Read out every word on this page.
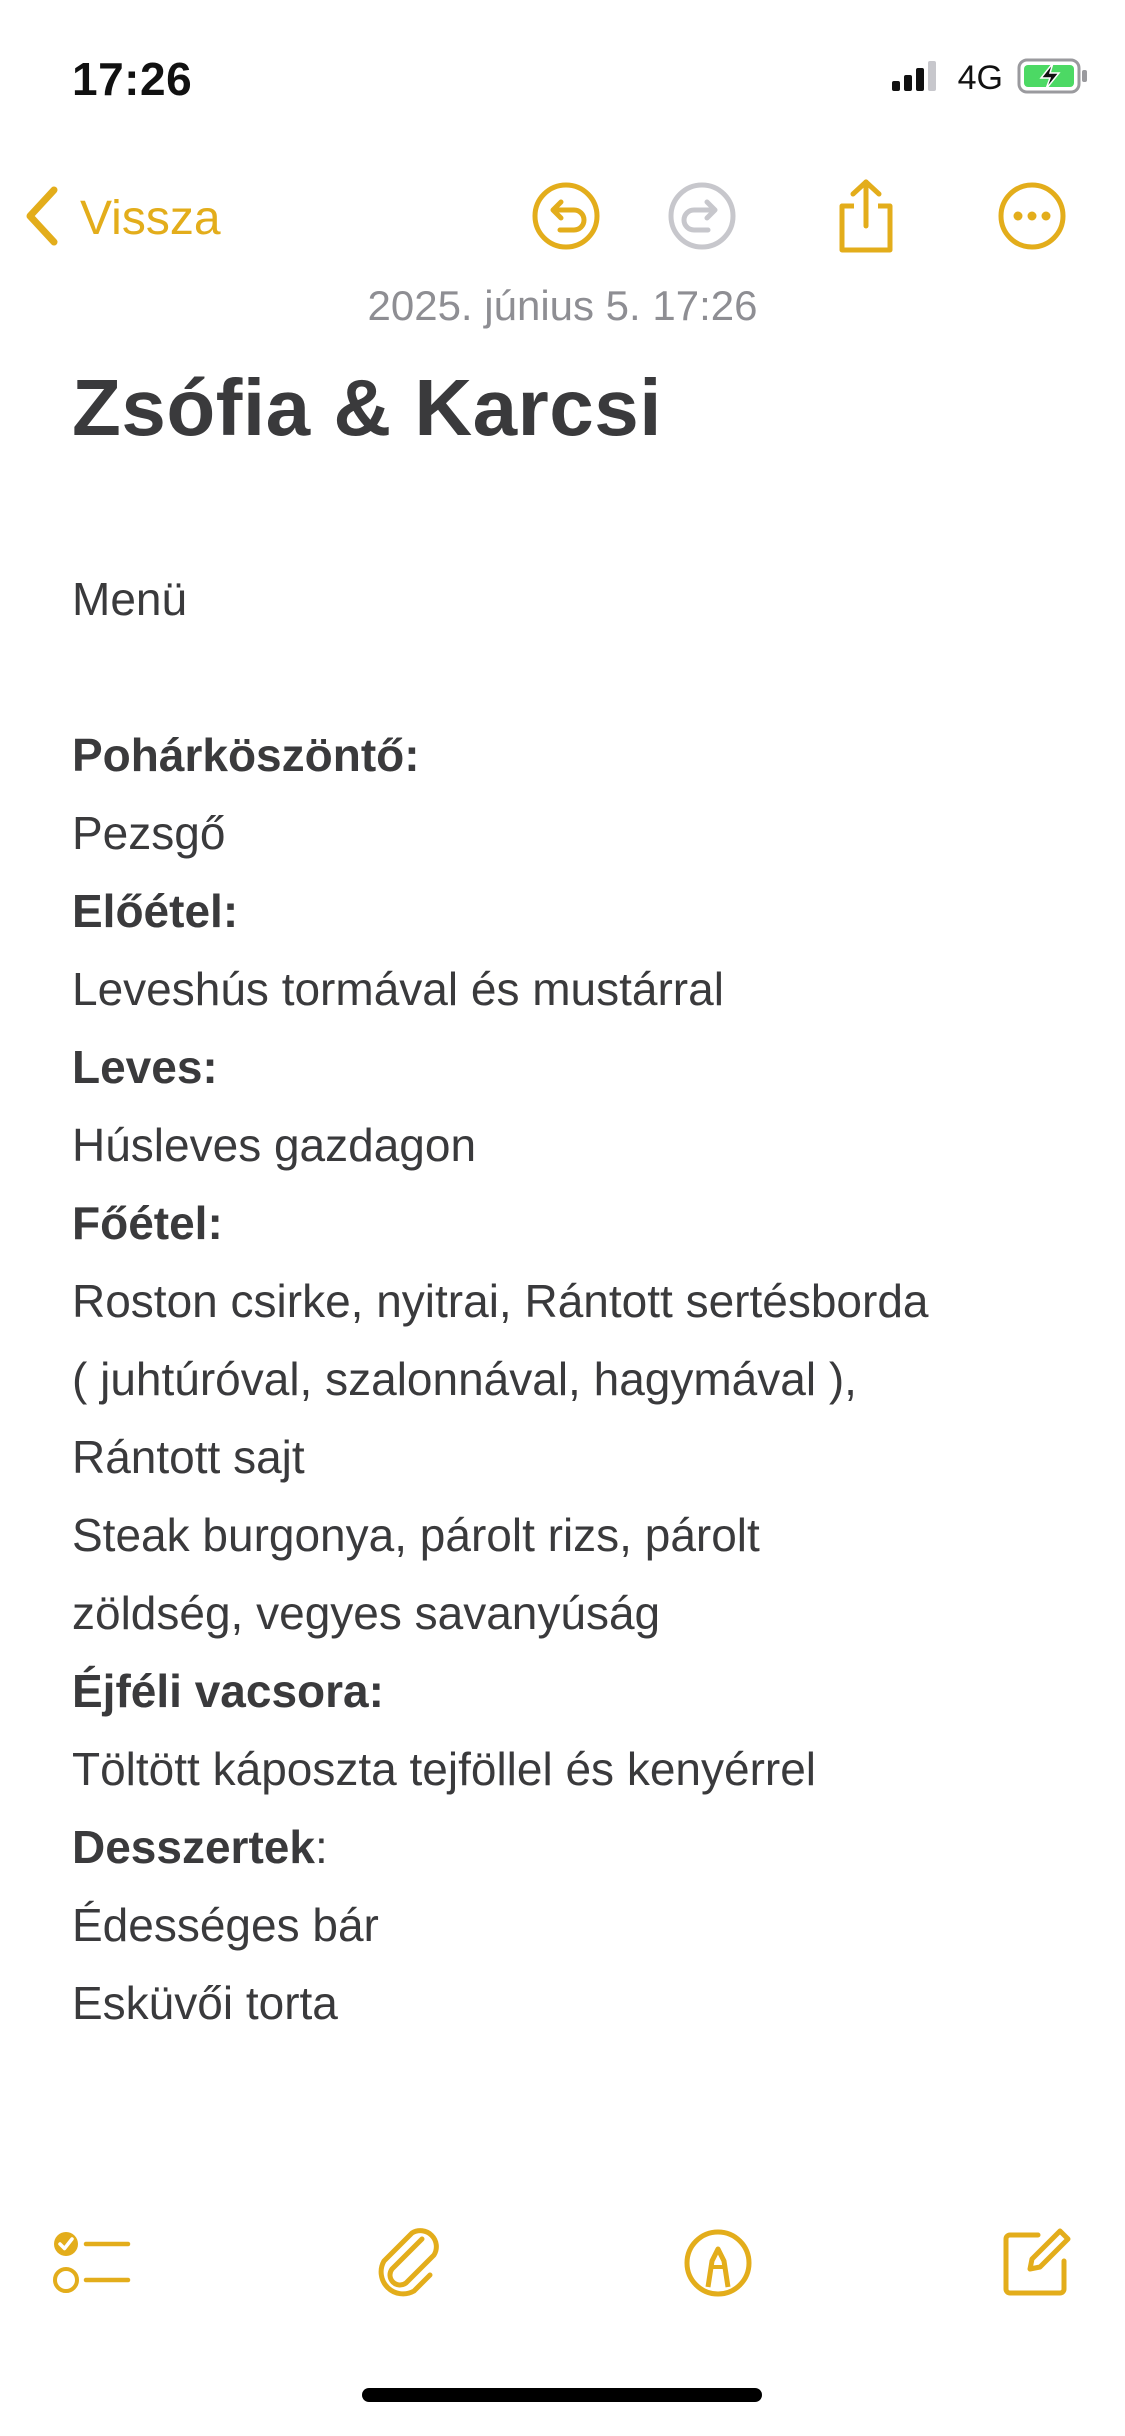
17:26	4G
Vissza
2025. június 5. 17:26
Zsófia & Karcsi
Menü
Pohárköszöntő:
Pezsgő
Előétel:
Leveshús tormával és mustárral
Leves:
Húsleves gazdagon
Főétel:
Roston csirke, nyitrai, Rántott sertésborda
( juhtúróval, szalonnával, hagymával ),
Rántott sajt
Steak burgonya, párolt rizs, párolt
zöldség, vegyes savanyúság
Éjféli vacsora:
Töltött káposzta tejföllel és kenyérrel
Desszertek:
Édességes bár
Esküvői torta
